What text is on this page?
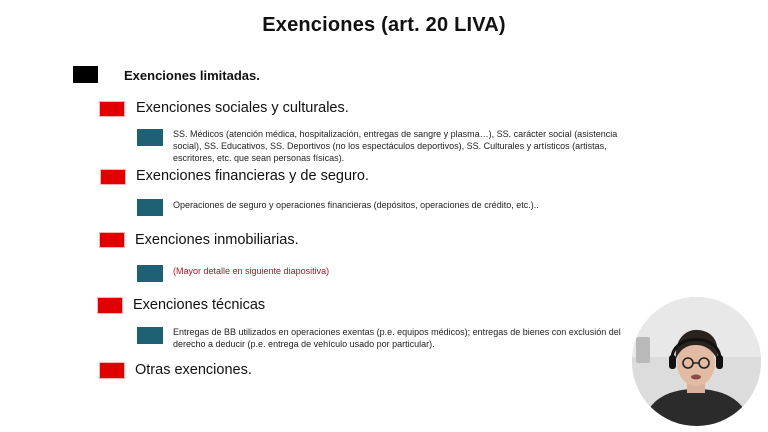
Exenciones (art. 20 LIVA)
Exenciones limitadas.
Exenciones sociales y culturales.
SS. Médicos (atención médica, hospitalización, entregas de sangre y plasma…), SS. carácter social (asistencia social), SS. Educativos, SS. Deportivos (no los espectáculos deportivos), SS. Culturales y artísticos (artistas, escritores, etc. que sean personas físicas).
Exenciones financieras y de seguro.
Operaciones de seguro y operaciones financieras (depósitos, operaciones de crédito, etc.)..
Exenciones inmobiliarias.
(Mayor detalle en siguiente diapositiva)
Exenciones técnicas
Entregas de BB utilizados en operaciones exentas (p.e. equipos médicos); entregas de bienes con exclusión del derecho a deducir (p.e. entrega de vehículo usado por particular).
Otras exenciones.
